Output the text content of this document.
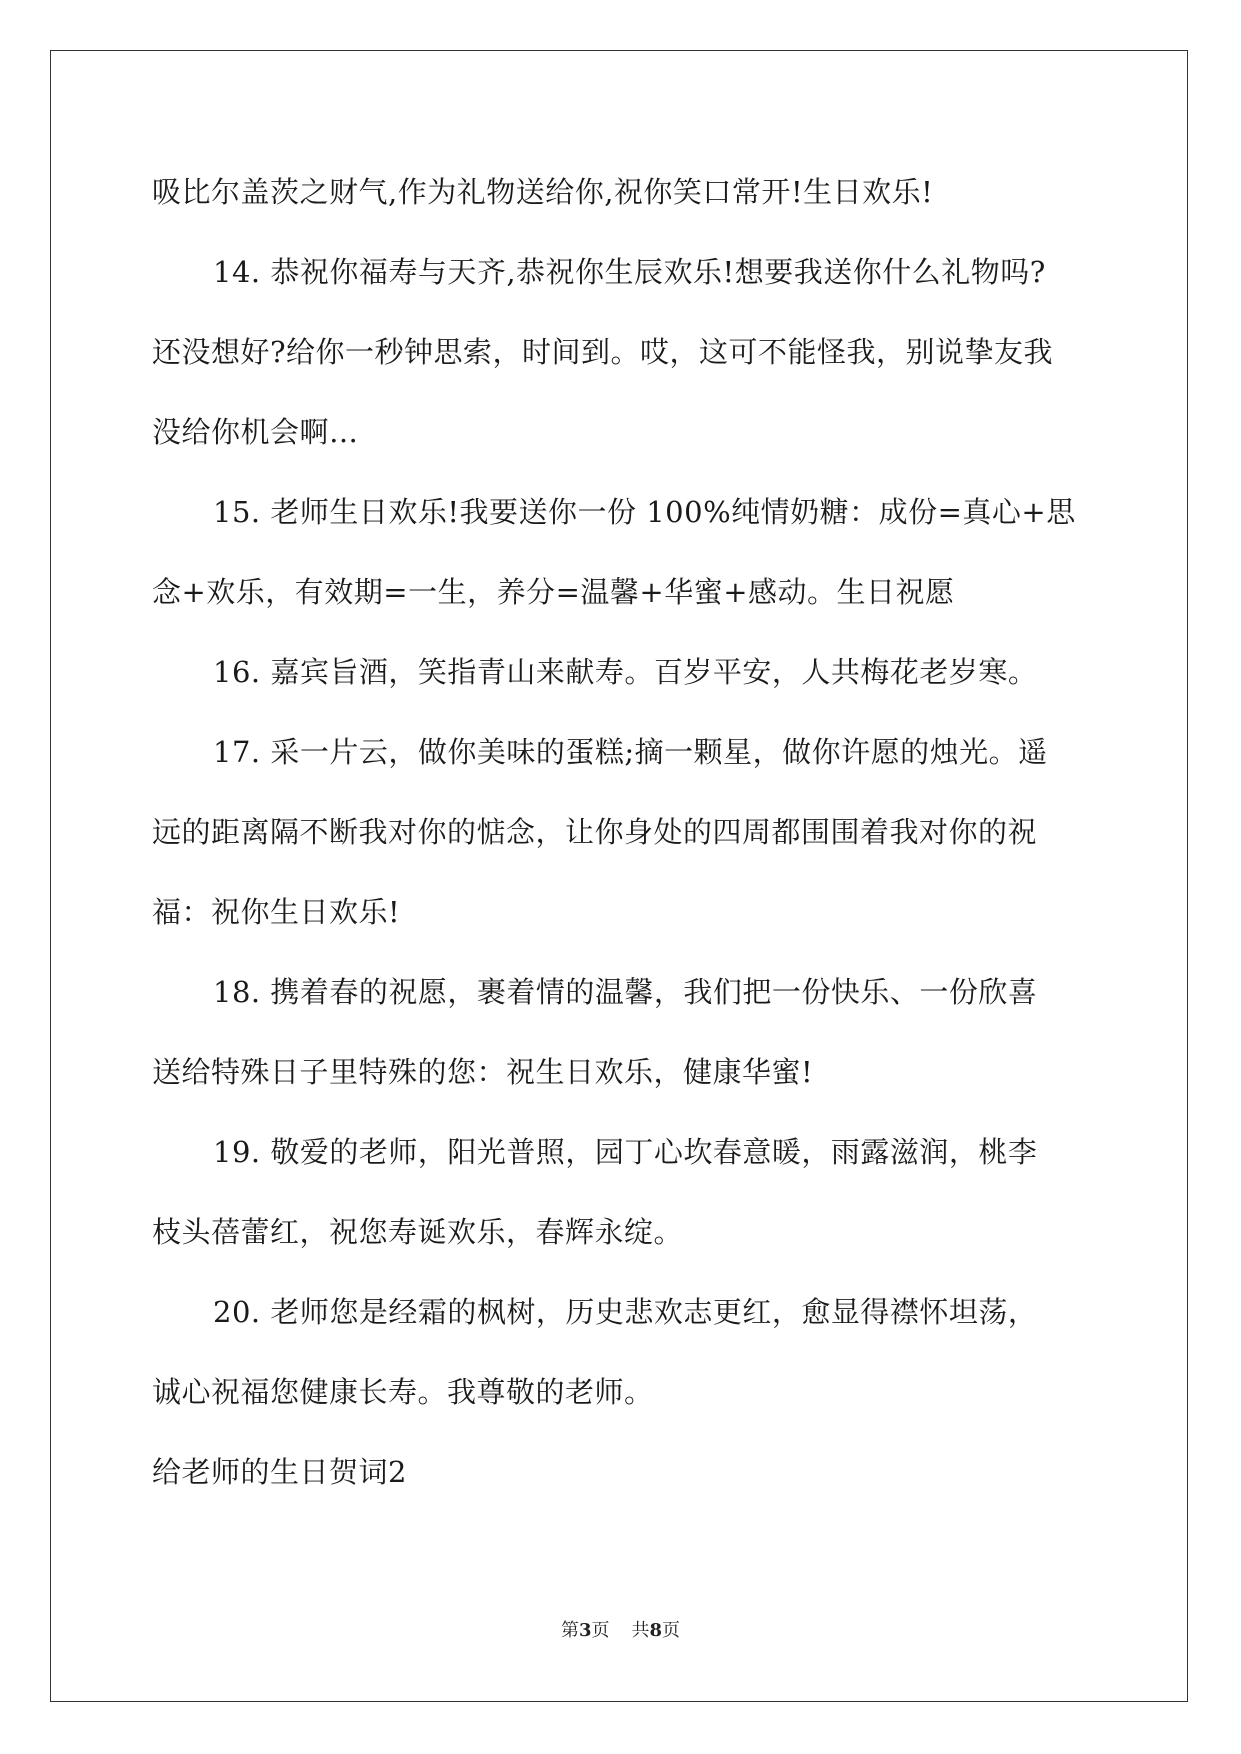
吸比尔盖茨之财气,作为礼物送给你,祝你笑口常开!生日欢乐!
14. 恭祝你福寿与天齐,恭祝你生辰欢乐!想要我送你什么礼物吗?
还没想好?给你一秒钟思索，时间到。哎，这可不能怪我，别说挚友我
没给你机会啊…
15. 老师生日欢乐!我要送你一份 100%纯情奶糖：成份=真心+思
念+欢乐，有效期=一生，养分=温馨+华蜜+感动。生日祝愿
16. 嘉宾旨酒，笑指青山来献寿。百岁平安，人共梅花老岁寒。
17. 采一片云，做你美味的蛋糕;摘一颗星，做你许愿的烛光。遥
远的距离隔不断我对你的惦念，让你身处的四周都围围着我对你的祝
福：祝你生日欢乐!
18. 携着春的祝愿，裹着情的温馨，我们把一份快乐、一份欣喜
送给特殊日子里特殊的您：祝生日欢乐，健康华蜜!
19. 敬爱的老师，阳光普照，园丁心坎春意暖，雨露滋润，桃李
枝头蓓蕾红，祝您寿诞欢乐，春辉永绽。
20. 老师您是经霜的枫树，历史悲欢志更红，愈显得襟怀坦荡，
诚心祝福您健康长寿。我尊敬的老师。
给老师的生日贺词2
第3页 共8页
